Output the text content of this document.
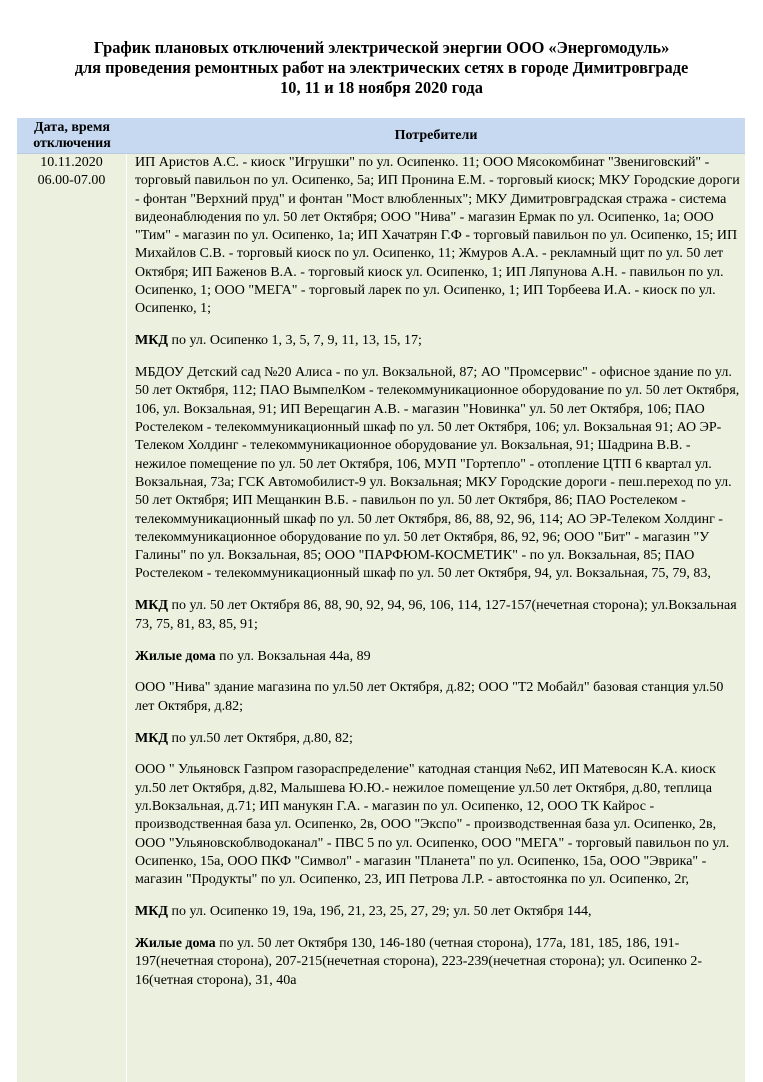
График плановых отключений электрической энергии ООО «Энергомодуль»
для проведения ремонтных работ на электрических сетях в городе Димитровграде
10, 11 и 18 ноября 2020 года
Дата, время
отключения
Потребители
10.11.2020
06.00-07.00

ИП Аристов А.С. - киоск "Игрушки" по ул. Осипенко. 11; ООО Мясокомбинат "Звениговский" - торговый павильон по ул. Осипенко, 5а; ИП Пронина Е.М. - торговый киоск; МКУ Городские дороги - фонтан "Верхний пруд" и фонтан "Мост влюбленных"; МКУ Димитровградская стража - система видеонаблюдения по ул. 50 лет Октября; ООО "Нива" - магазин Ермак по ул. Осипенко, 1а; ООО "Тим" - магазин по ул. Осипенко, 1а; ИП Хачатрян Г.Ф - торговый павильон по ул. Осипенко, 15; ИП Михайлов С.В. - торговый киоск по ул. Осипенко, 11; Жмуров А.А. - рекламный щит по ул. 50 лет Октября; ИП Баженов В.А. - торговый киоск ул. Осипенко, 1; ИП Ляпунова А.Н. - павильон по ул. Осипенко, 1; ООО "МЕГА" - торговый ларек по ул. Осипенко, 1; ИП Торбеева И.А. - киоск по ул. Осипенко, 1;

МКД по ул. Осипенко 1, 3, 5, 7, 9, 11, 13, 15, 17;

МБДОУ Детский сад №20 Алиса - по ул. Вокзальной, 87; АО "Промсервис" - офисное здание по ул. 50 лет Октября, 112; ПАО ВымпелКом - телекоммуникационное оборудование по ул. 50 лет Октября, 106, ул. Вокзальная, 91; ИП Верещагин А.В. - магазин "Новинка" ул. 50 лет Октября, 106; ПАО Ростелеком - телекоммуникационный шкаф по ул. 50 лет Октября, 106; ул. Вокзальная 91; АО ЭР-Телеком Холдинг - телекоммуникационное оборудование ул. Вокзальная, 91; Шадрина В.В. - нежилое помещение по ул. 50 лет Октября, 106, МУП "Гортепло" - отопление ЦТП 6 квартал ул. Вокзальная, 73а; ГСК Автомобилист-9 ул. Вокзальная; МКУ Городские дороги - пеш.переход по ул. 50 лет Октября; ИП Мещанкин В.Б. - павильон по ул. 50 лет Октября, 86; ПАО Ростелеком - телекоммуникационный шкаф по ул. 50 лет Октября, 86, 88, 92, 96, 114; АО ЭР-Телеком Холдинг - телекоммуникационное оборудование по ул. 50 лет Октября, 86, 92, 96; ООО "Бит" - магазин "У Галины" по ул. Вокзальная, 85; ООО "ПАРФЮМ-КОСМЕТИК" - по ул. Вокзальная, 85; ПАО Ростелеком - телекоммуникационный шкаф по ул. 50 лет Октября, 94, ул. Вокзальная, 75, 79, 83,

МКД по ул. 50 лет Октября 86, 88, 90, 92, 94, 96, 106, 114, 127-157(нечетная сторона); ул.Вокзальная 73, 75, 81, 83, 85, 91;

Жилые дома по ул. Вокзальная 44а, 89

ООО "Нива" здание магазина по ул.50 лет Октября, д.82; ООО "Т2 Мобайл" базовая станция ул.50 лет Октября, д.82;

МКД по ул.50 лет Октября, д.80, 82;

ООО " Ульяновск Газпром газораспределение" катодная станция №62, ИП Матевосян К.А. киоск ул.50 лет Октября, д.82, Малышева Ю.Ю.- нежилое помещение ул.50 лет Октября, д.80, теплица ул.Вокзальная, д.71; ИП манукян Г.А. - магазин по ул. Осипенко, 12, ООО ТК Кайрос - производственная база ул. Осипенко, 2в, ООО "Экспо" - производственная база ул. Осипенко, 2в, ООО "Ульяновскоблводоканал" - ПВС 5 по ул. Осипенко, ООО "МЕГА" - торговый павильон по ул. Осипенко, 15а, ООО ПКФ "Символ" - магазин "Планета" по ул. Осипенко, 15а, ООО "Эврика" - магазин "Продукты" по ул. Осипенко, 23, ИП Петрова Л.Р. - автостоянка по ул. Осипенко, 2г,

МКД по ул. Осипенко 19, 19а, 19б, 21, 23, 25, 27, 29; ул. 50 лет Октября 144,

Жилые дома по ул. 50 лет Октября 130, 146-180 (четная сторона), 177а, 181, 185, 186, 191-197(нечетная сторона), 207-215(нечетная сторона), 223-239(нечетная сторона); ул. Осипенко 2-16(четная сторона), 31, 40а
